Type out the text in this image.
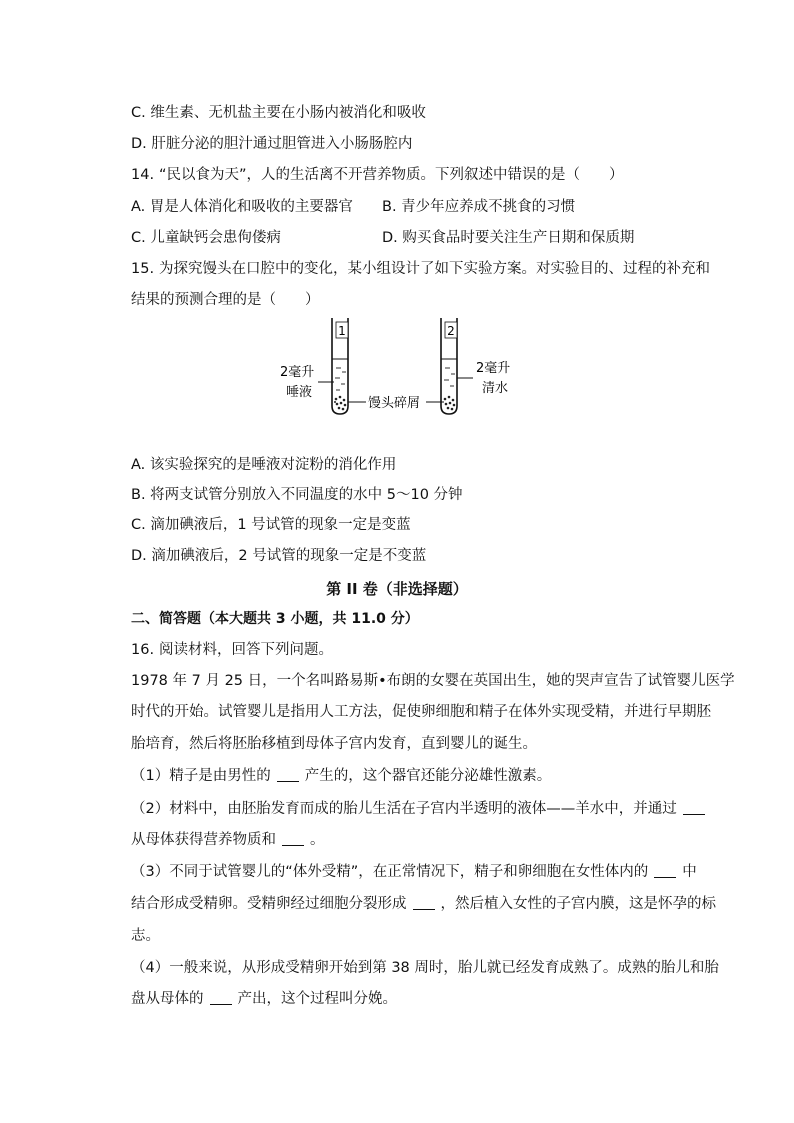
C. 维生素、无机盐主要在小肠内被消化和吸收
D. 肝脏分泌的胆汁通过胆管进入小肠肠腔内
14. “民以食为天”，人的生活离不开营养物质。下列叙述中错误的是（　　）
A. 胃是人体消化和吸收的主要器官 B. 青少年应养成不挑食的习惯
C. 儿童缺钙会患佝偻病	D. 购买食品时要关注生产日期和保质期
15. 为探究馒头在口腔中的变化，某小组设计了如下实验方案。对实验目的、过程的补充和
结果的预测合理的是（　　）
1	2
2毫升
唾液
2毫升
清水
馒头碎屑
A. 该实验探究的是唾液对淀粉的消化作用
B. 将两支试管分别放入不同温度的水中 5～10 分钟
C. 滴加碘液后，1 号试管的现象一定是变蓝
D. 滴加碘液后，2 号试管的现象一定是不变蓝
第 II 卷（非选择题）
二、简答题（本大题共 3 小题，共 11.0 分）
16. 阅读材料，回答下列问题。
1978 年 7 月 25 日，一个名叫路易斯•布朗的女婴在英国出生，她的哭声宣告了试管婴儿医学
时代的开始。试管婴儿是指用人工方法，促使卵细胞和精子在体外实现受精，并进行早期胚
胎培育，然后将胚胎移植到母体子宫内发育，直到婴儿的诞生。
（1）精子是由男性的 产生的，这个器官还能分泌雄性激素。
（2）材料中，由胚胎发育而成的胎儿生活在子宫内半透明的液体——羊水中，并通过
从母体获得营养物质和 。
（3）不同于试管婴儿的“体外受精”，在正常情况下，精子和卵细胞在女性体内的 中
结合形成受精卵。受精卵经过细胞分裂形成 ，然后植入女性的子宫内膜，这是怀孕的标
志。
（4）一般来说，从形成受精卵开始到第 38 周时，胎儿就已经发育成熟了。成熟的胎儿和胎
盘从母体的 产出，这个过程叫分娩。
